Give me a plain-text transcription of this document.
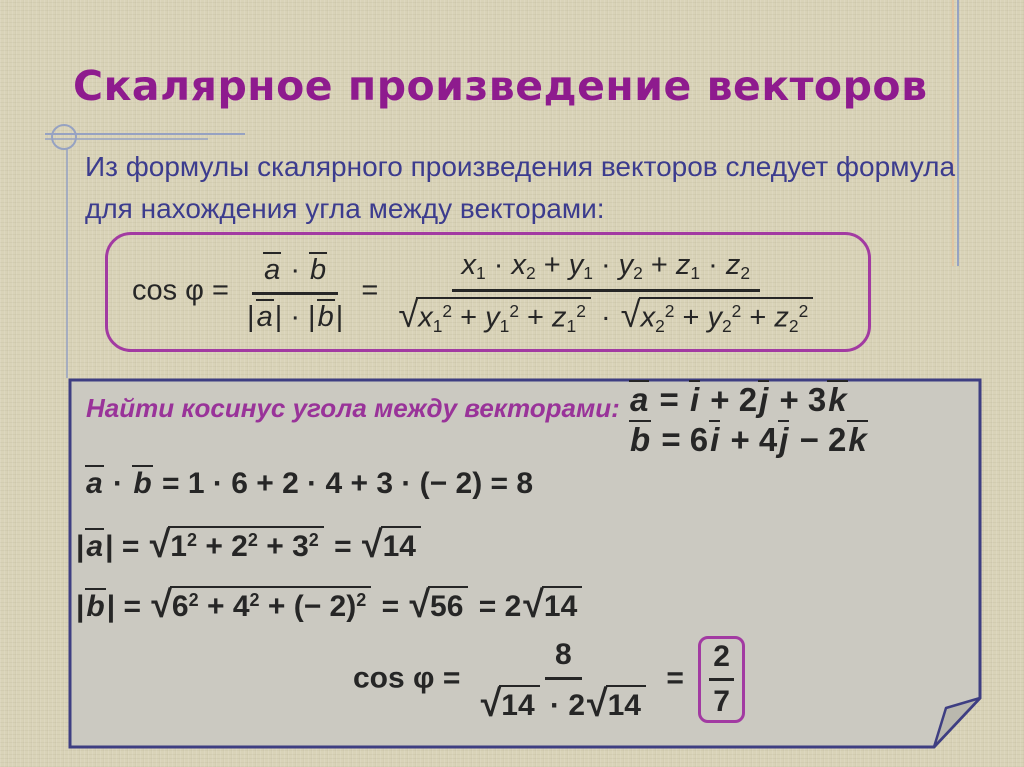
Скалярное произведение векторов
Из формулы скалярного произведения векторов следует формула
для нахождения угла между векторами:
$\cos \varphi = \frac{a \cdot b}{|a| \cdot |b|} = \frac{x1 \cdot x2 + y1 \cdot y2 + z1 \cdot z2}{√x1^2 + y1^2 + z1^2 \cdot √x2^2 + y2^2 + z2^2}$
Найти косинус угола между векторами: a = i + 2j + 3k
b = 6i + 4j − 2k
a · b = 1 · 6 + 2 · 4 + 3 · (− 2) = 8
$|a| = √1^2 + 2^2 + 3^2 = √14$
$|b| = √6^2 + 4^2$ + (− 2)$^2$ = √56 = 2√14
$\cos \varphi = \frac{8}{√14 \cdot 2√14} = \frac{2}{7}$
